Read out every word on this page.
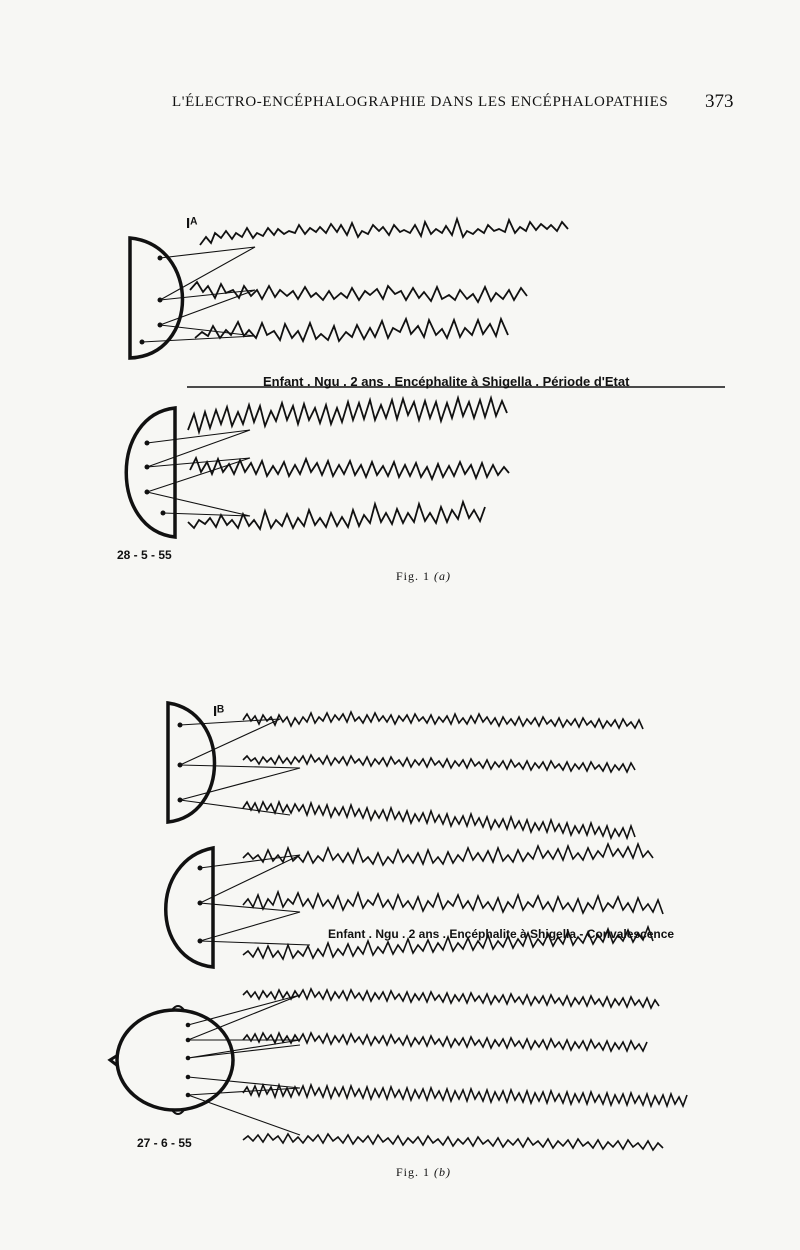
L'ÉLECTRO-ENCÉPHALOGRAPHIE DANS LES ENCÉPHALOPATHIES 373
Iᴬ
Enfant . Ngu . 2 ans . Encéphalite à Shigella . Période d'Etat
28 - 5 - 55
Iᴮ
Enfant . Ngu . 2 ans . Encéphalite à Shigella - Convalescence
27 - 6 - 55
Fig. 1 (a)
Fig. 1 (b)
